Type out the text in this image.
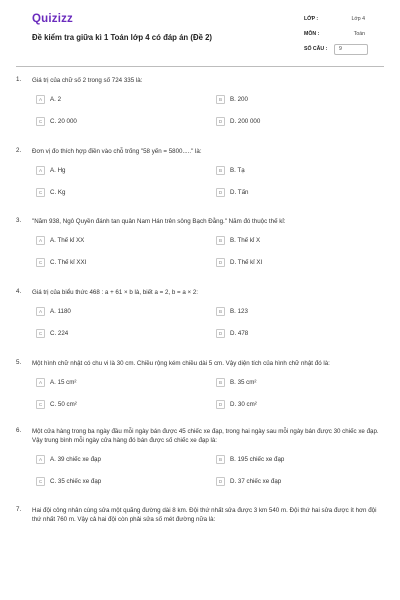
Quizizz
Đề kiểm tra giữa kì 1 Toán lớp 4 có đáp án (Đề 2)
LỚP :	Lớp 4
MÔN :	Toán
SỐ CÂU :	9
1. Giá trị của chữ số 2 trong số 724 335 là:
A	A. 2	B	B. 200
C	C. 20 000	D	D. 200 000
2. Đơn vị đo thích hợp điền vào chỗ trống "58 yến = 5800....." là:
A	A. Hg	B	B. Tạ
C	C. Kg	D	D. Tấn
3. "Năm 938, Ngô Quyền đánh tan quân Nam Hán trên sông Bạch Đằng." Năm đó thuộc thế kỉ:
A	A. Thế kỉ XX	B	B. Thế kỉ X
C	C. Thế kỉ XXI	D	D. Thế kỉ XI
4. Giá trị của biểu thức 468 : a + 61 × b là, biết a = 2, b = a × 2:
A	A. 1180	B	B. 123
C	C. 224	D	D. 478
5. Một hình chữ nhật có chu vi là 30 cm. Chiều rộng kém chiều dài 5 cm. Vậy diện tích của hình chữ nhật đó là:
A	A. 15 cm²	B	B. 35 cm²
C	C. 50 cm²	D	D. 30 cm²
6. Một cửa hàng trong ba ngày đầu mỗi ngày bán được 45 chiếc xe đạp, trong hai ngày sau mỗi ngày bán được 30 chiếc xe đạp. Vậy trung bình mỗi ngày cửa hàng đó bán được số chiếc xe đạp là:
A	A. 39 chiếc xe đạp	B	B. 195 chiếc xe đạp
C	C. 35 chiếc xe đạp	D	D. 37 chiếc xe đạp
7. Hai đội công nhân cùng sửa một quãng đường dài 8 km. Đội thứ nhất sửa được 3 km 540 m. Đội thứ hai sửa được ít hơn đội thứ nhất 760 m. Vậy cả hai đội còn phải sửa số mét đường nữa là:
